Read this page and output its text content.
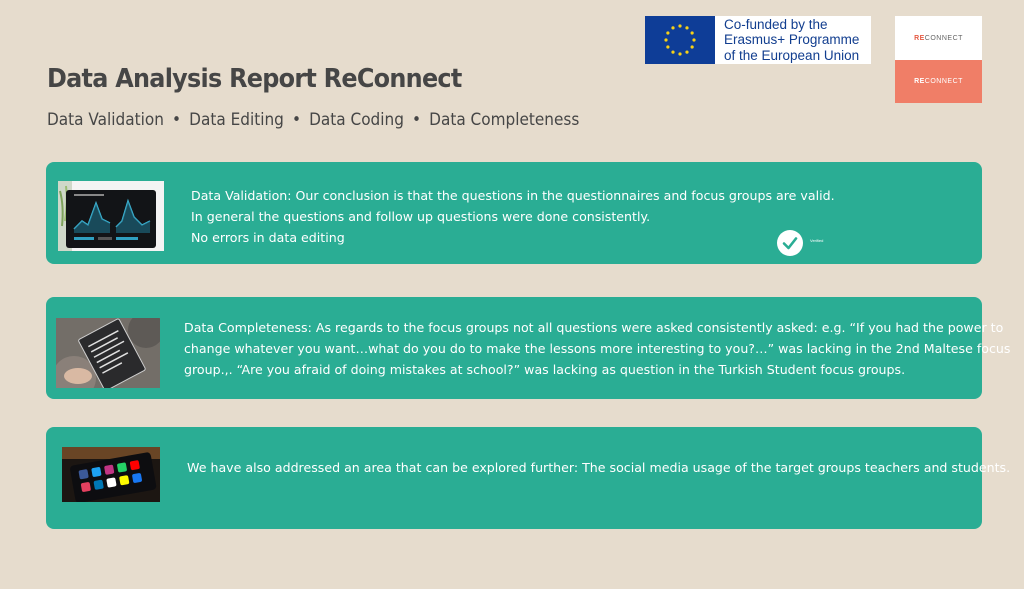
Co-funded by the
Erasmus+ Programme
of the European Union
RECONNECT
RECONNECT
Data Analysis Report ReConnect
Data Validation • Data Editing • Data Coding • Data Completeness
Data Validation: Our conclusion is that the questions in the questionnaires and focus groups are valid.
In general the questions and follow up questions were done consistently.
No errors in data editing	Verified
Data Completeness: As regards to the focus groups not all questions were asked consistently asked: e.g. “If you had the power to
change whatever you want…what do you do to make the lessons more interesting to you?…” was lacking in the 2nd Maltese focus
group.,. “Are you afraid of doing mistakes at school?” was lacking as question in the Turkish Student focus groups.
We have also addressed an area that can be explored further: The social media usage of the target groups teachers and students.
